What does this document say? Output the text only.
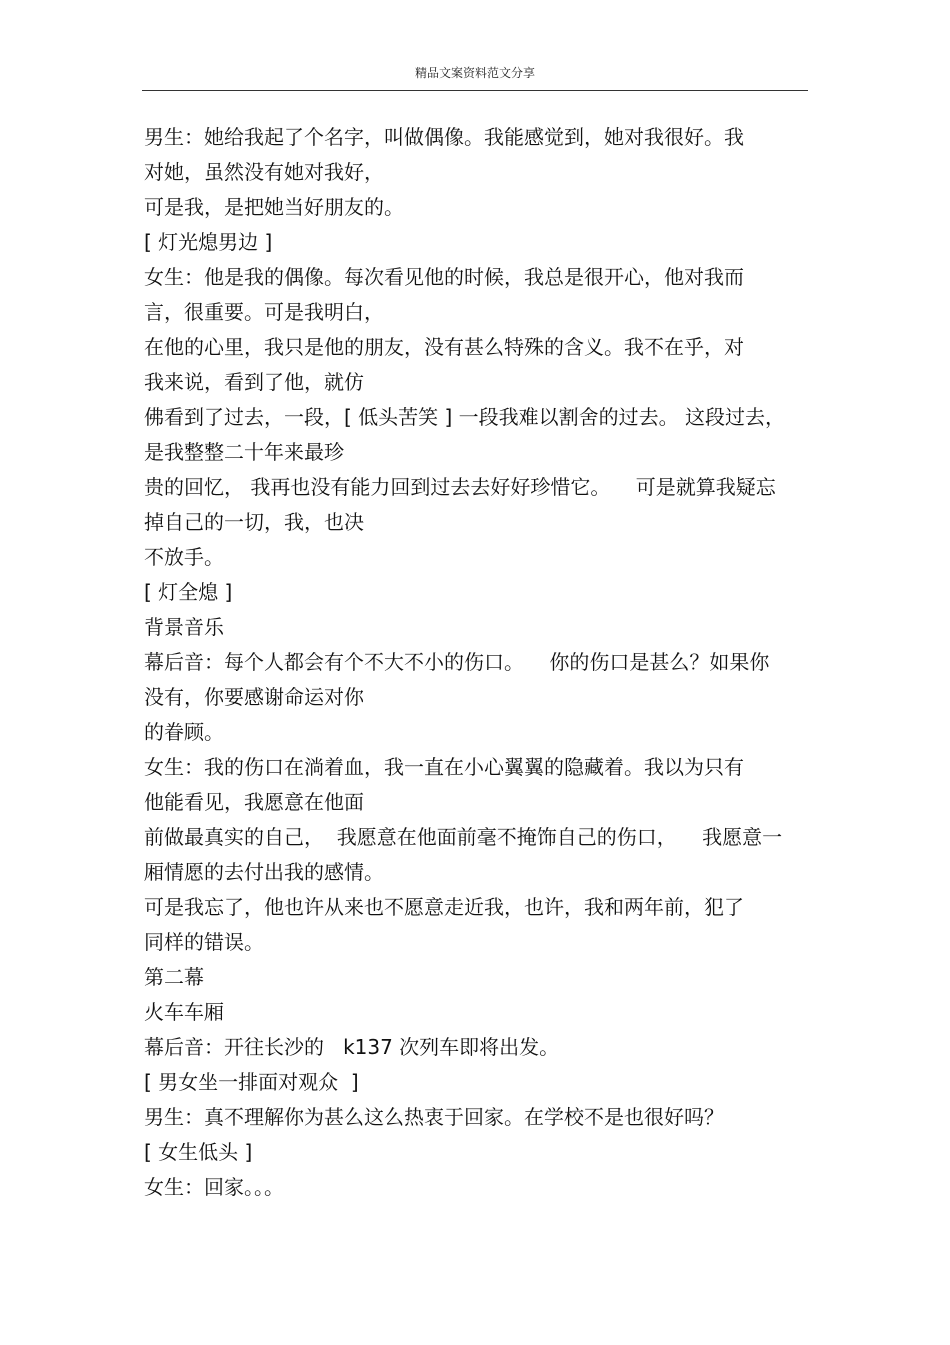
精品文案资料范文分享
男生：她给我起了个名字，叫做偶像。我能感觉到，她对我很好。我
对她，虽然没有她对我好，
可是我，是把她当好朋友的。
[ 灯光熄男边 ]
女生：他是我的偶像。每次看见他的时候，我总是很开心，他对我而
言，很重要。可是我明白，
在他的心里，我只是他的朋友，没有甚么特殊的含义。我不在乎，对
我来说，看到了他，就仿
佛看到了过去，一段，[ 低头苦笑 ] 一段我难以割舍的过去。 这段过去，
是我整整二十年来最珍
贵的回忆， 我再也没有能力回到过去去好好珍惜它。    可是就算我疑忘
掉自己的一切，我，也决
不放手。
[ 灯全熄 ]
背景音乐
幕后音：每个人都会有个不大不小的伤口。    你的伤口是甚么？如果你
没有，你要感谢命运对你
的眷顾。
女生：我的伤口在淌着血，我一直在小心翼翼的隐藏着。我以为只有
他能看见，我愿意在他面
前做最真实的自己，  我愿意在他面前毫不掩饰自己的伤口，    我愿意一
厢情愿的去付出我的感情。
可是我忘了，他也许从来也不愿意走近我，也许，我和两年前，犯了
同样的错误。
第二幕
火车车厢
幕后音：开往长沙的   k137 次列车即将出发。
[ 男女坐一排面对观众  ]
男生：真不理解你为甚么这么热衷于回家。在学校不是也很好吗？
[ 女生低头 ]
女生：回家。。。
